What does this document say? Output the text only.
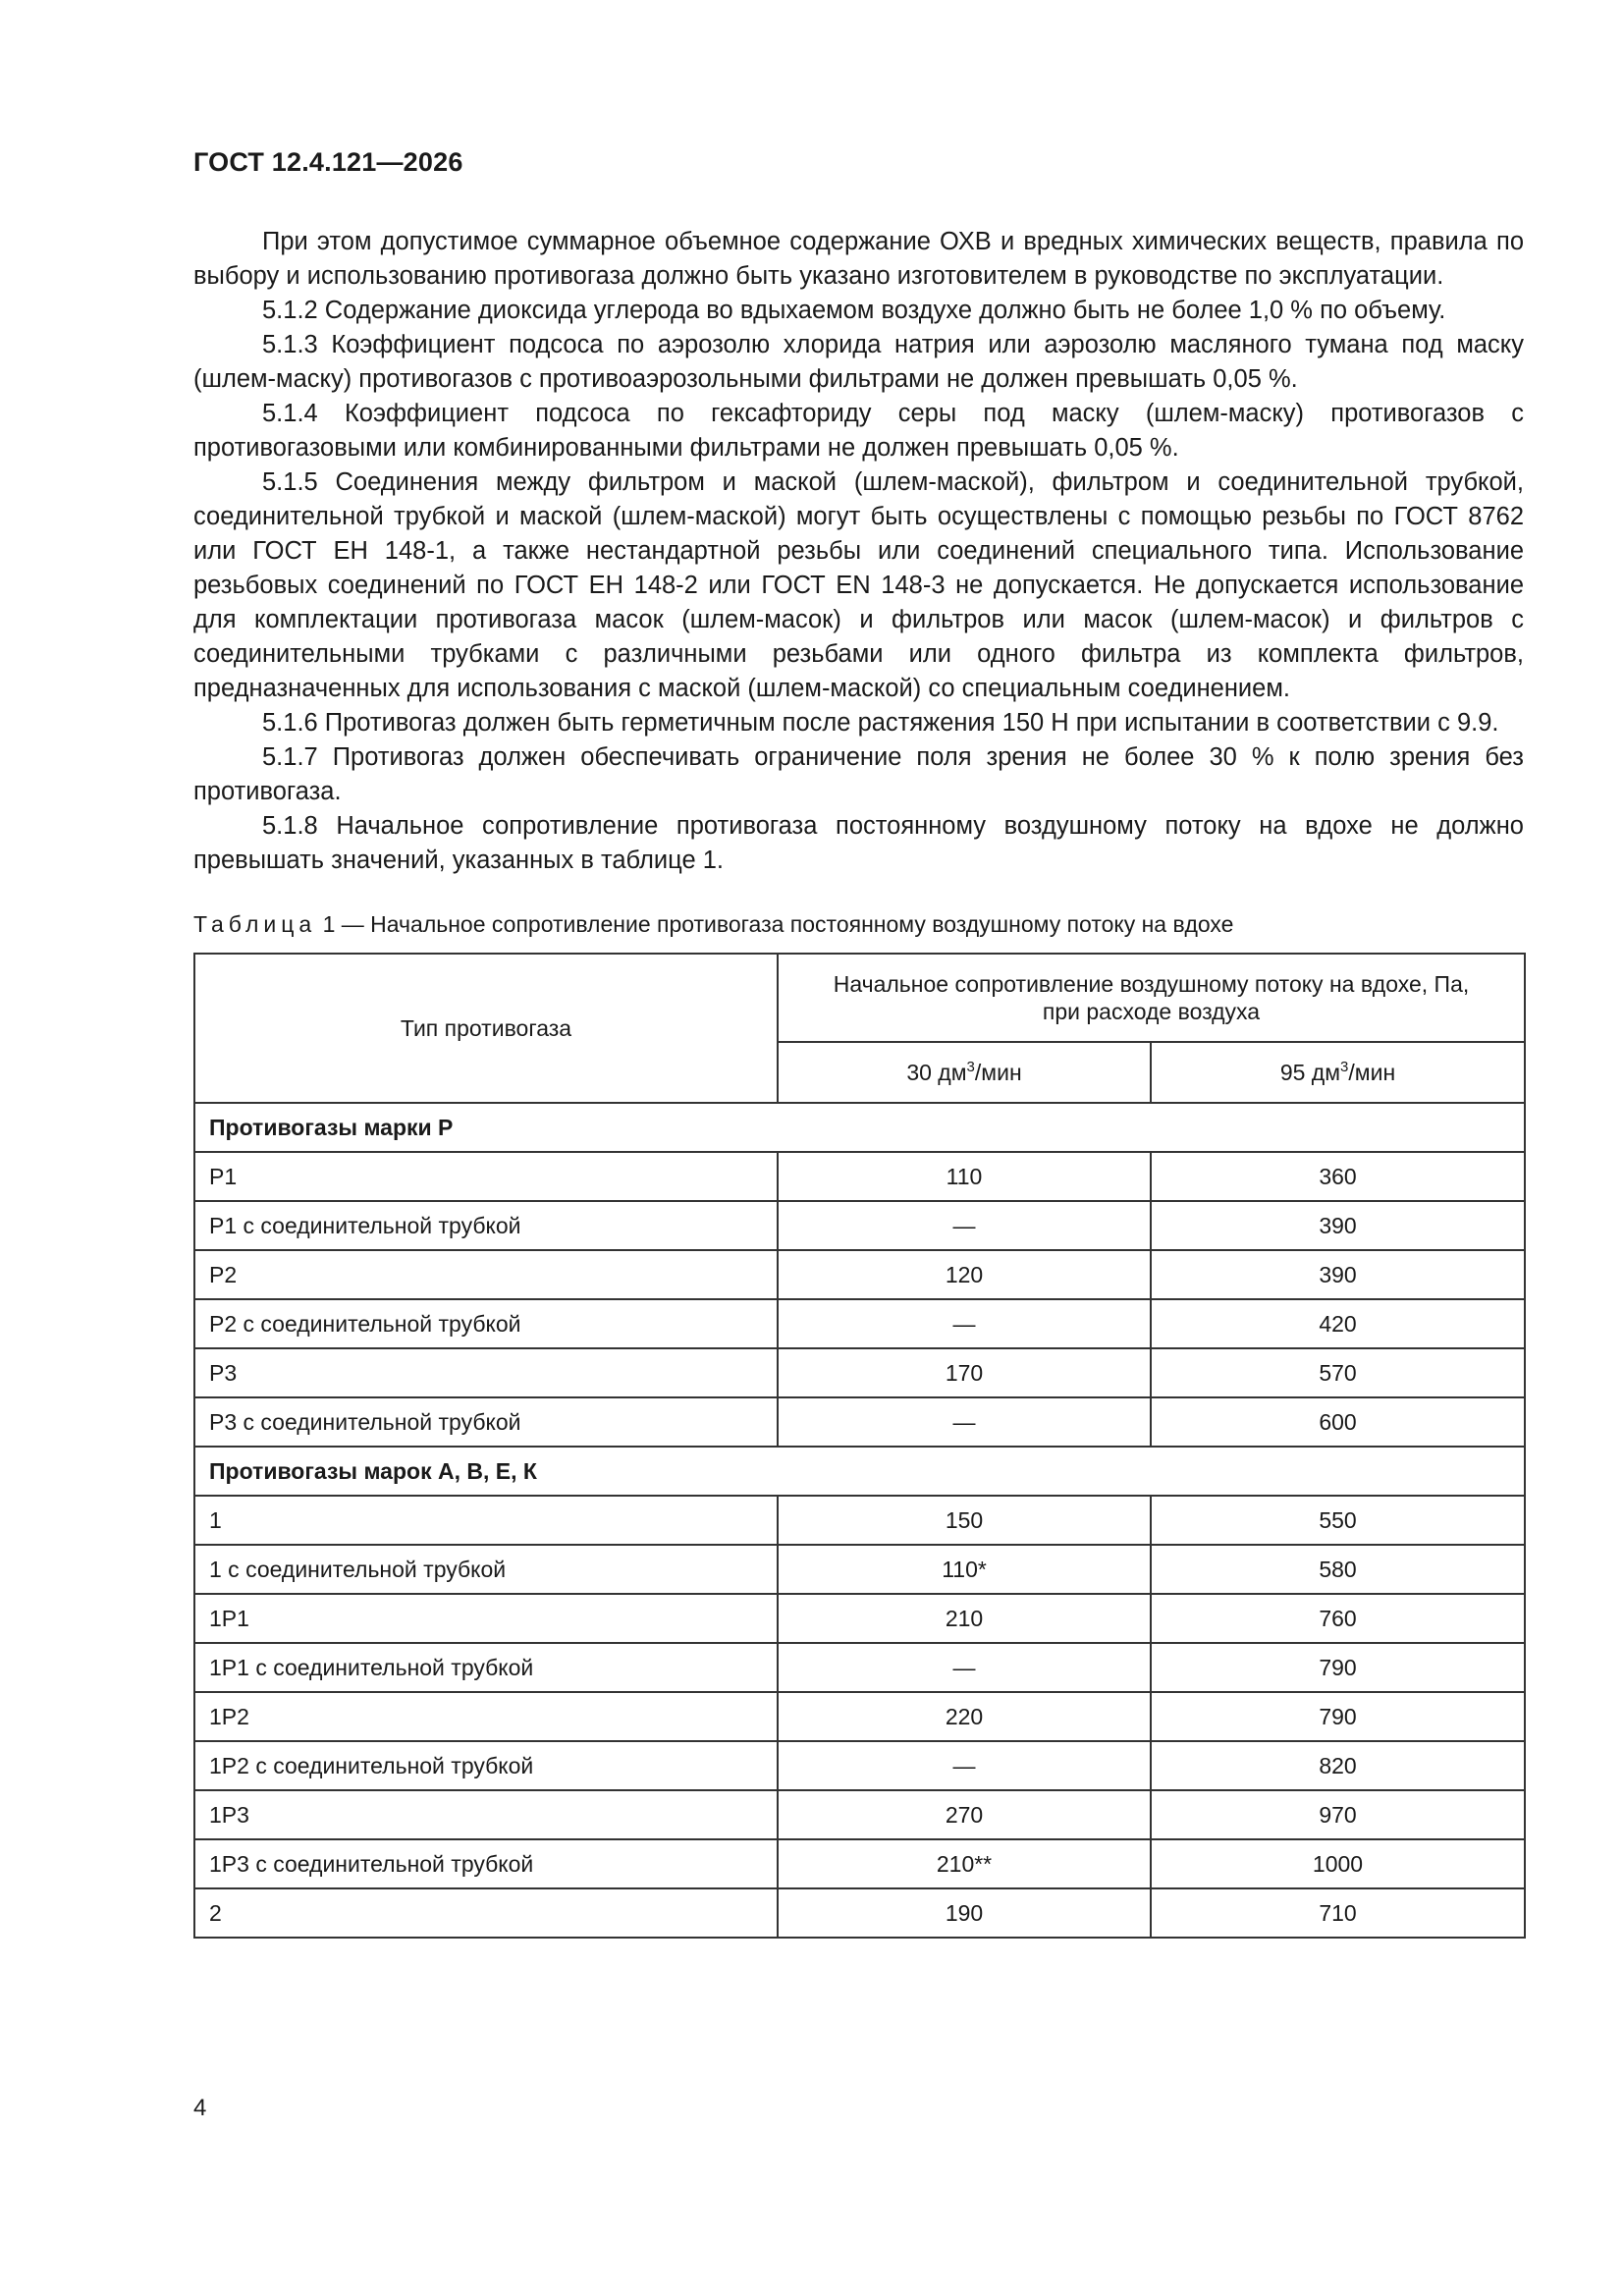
ГОСТ 12.4.121—2026

При этом допустимое суммарное объемное содержание ОХВ и вредных химических веществ, правила по выбору и использованию противогаза должно быть указано изготовителем в руководстве по эксплуатации.

5.1.2 Содержание диоксида углерода во вдыхаемом воздухе должно быть не более 1,0 % по объему.

5.1.3 Коэффициент подсоса по аэрозолю хлорида натрия или аэрозолю масляного тумана под маску (шлем-маску) противогазов с противоаэрозольными фильтрами не должен превышать 0,05 %.

5.1.4 Коэффициент подсоса по гексафториду серы под маску (шлем-маску) противогазов с противогазовыми или комбинированными фильтрами не должен превышать 0,05 %.

5.1.5 Соединения между фильтром и маской (шлем-маской), фильтром и соединительной трубкой, соединительной трубкой и маской (шлем-маской) могут быть осуществлены с помощью резьбы по ГОСТ 8762 или ГОСТ ЕН 148-1, а также нестандартной резьбы или соединений специального типа. Использование резьбовых соединений по ГОСТ ЕН 148-2 или ГОСТ EN 148-3 не допускается. Не допускается использование для комплектации противогаза масок (шлем-масок) и фильтров или масок (шлем-масок) и фильтров с соединительными трубками с различными резьбами или одного фильтра из комплекта фильтров, предназначенных для использования с маской (шлем-маской) со специальным соединением.

5.1.6 Противогаз должен быть герметичным после растяжения 150 Н при испытании в соответствии с 9.9.

5.1.7 Противогаз должен обеспечивать ограничение поля зрения не более 30 % к полю зрения без противогаза.

5.1.8 Начальное сопротивление противогаза постоянному воздушному потоку на вдохе не должно превышать значений, указанных в таблице 1.

Таблица 1 — Начальное сопротивление противогаза постоянному воздушному потоку на вдохе
Тип противогаза	Начальное сопротивление воздушному потоку на вдохе, Па,
при расходе воздуха	

	30 $дм^3$/мин	95 $дм^3$/мин
Противогазы марки Р		
Р1	110	360
Р1 с соединительной трубкой	—	390
Р2	120	390
Р2 с соединительной трубкой	—	420
Р3	170	570
Р3 с соединительной трубкой	—	600
Противогазы марок А, В, Е, К		
1	150	550
1 с соединительной трубкой	110*	580
1Р1	210	760
1Р1 с соединительной трубкой	—	790
1Р2	220	790
1Р2 с соединительной трубкой	—	820
1Р3	270	970
1Р3 с соединительной трубкой	210**	1000
2	190	710
4
